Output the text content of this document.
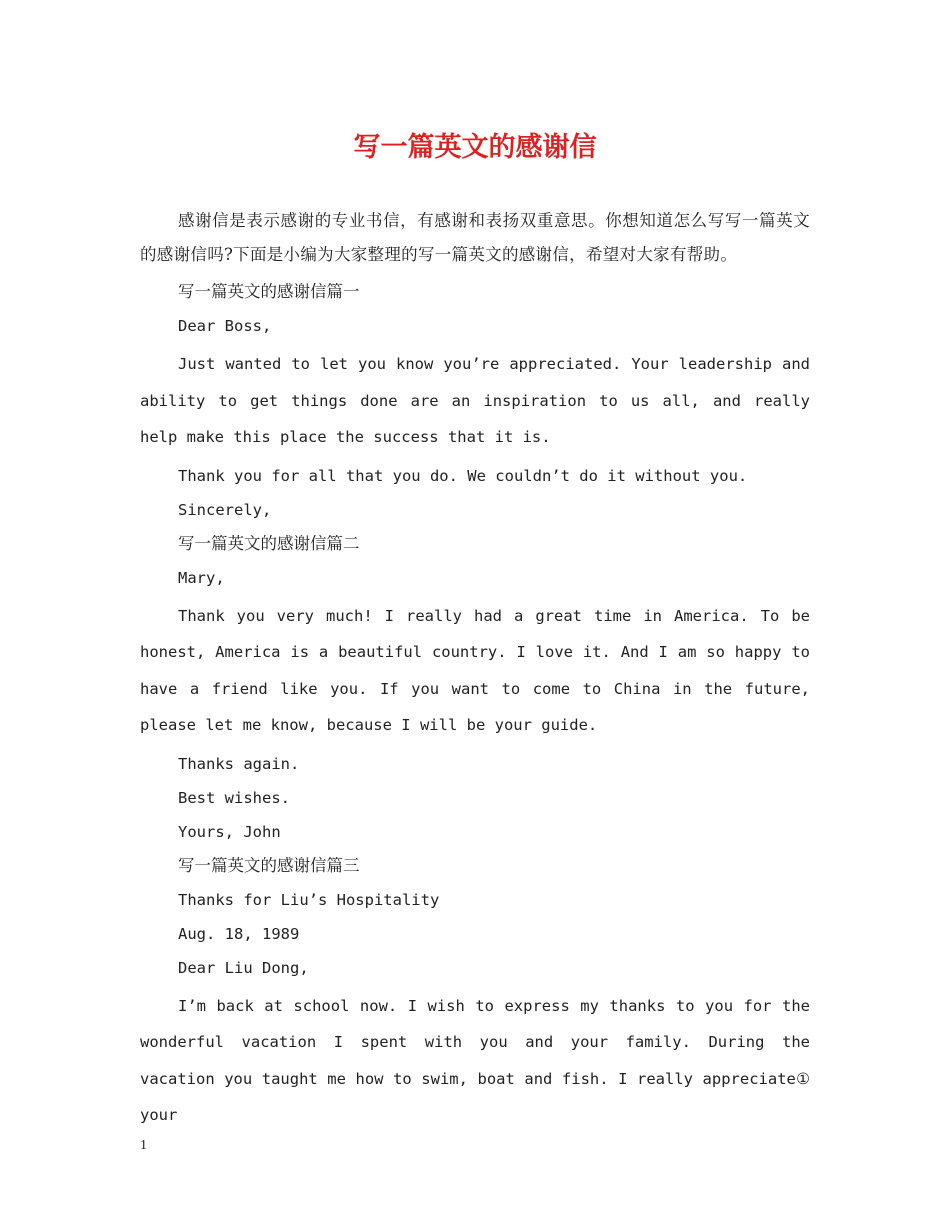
写一篇英文的感谢信

感谢信是表示感谢的专业书信，有感谢和表扬双重意思。你想知道怎么写写一篇英文的感谢信吗?下面是小编为大家整理的写一篇英文的感谢信，希望对大家有帮助。

写一篇英文的感谢信篇一

Dear Boss,

Just wanted to let you know you’re appreciated. Your leadership and ability to get things done are an inspiration to us all, and really help make this place the success that it is.

Thank you for all that you do. We couldn’t do it without you.

Sincerely,

写一篇英文的感谢信篇二

Mary,

Thank you very much! I really had a great time in America. To be honest, America is a beautiful country. I love it. And I am so happy to have a friend like you. If you want to come to China in the future, please let me know, because I will be your guide.

Thanks again.

Best wishes.

Yours, John

写一篇英文的感谢信篇三

Thanks for Liu’s Hospitality

Aug. 18, 1989

Dear Liu Dong,

I’m back at school now. I wish to express my thanks to you for the wonderful vacation I spent with you and your family. During the vacation you taught me how to swim, boat and fish. I really appreciate① your

1
